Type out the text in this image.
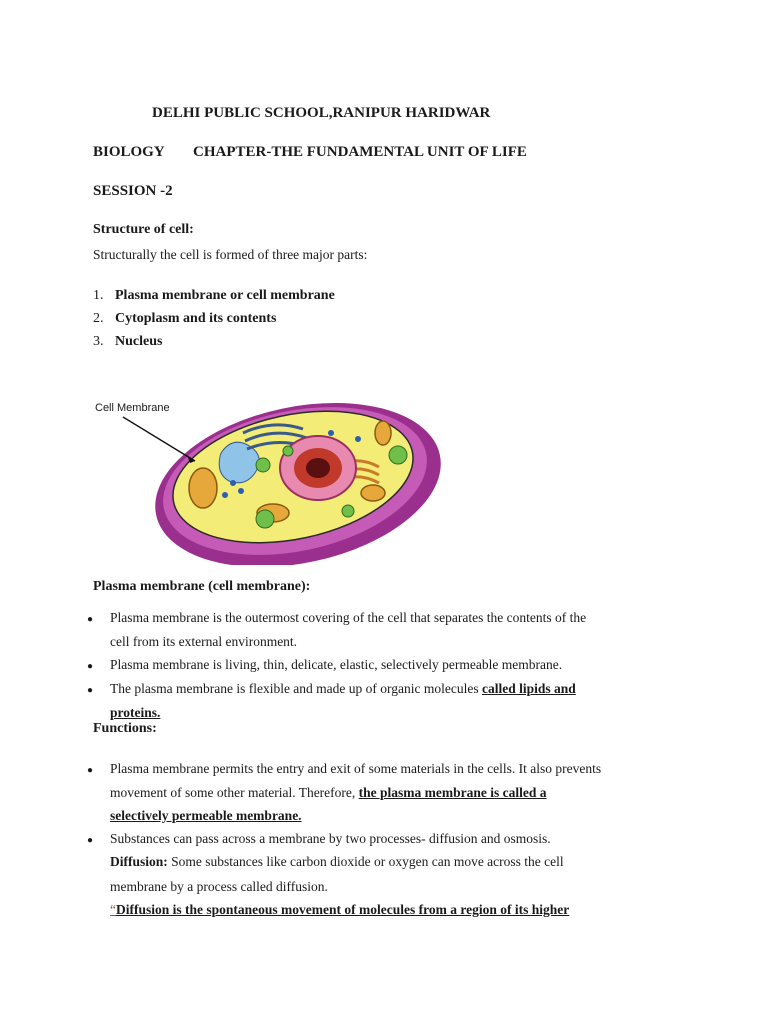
DELHI PUBLIC SCHOOL,RANIPUR HARIDWAR
BIOLOGY CHAPTER-THE FUNDAMENTAL UNIT OF LIFE
SESSION -2
Structure of cell:
Structurally the cell is formed of three major parts:
1. Plasma membrane or cell membrane
2. Cytoplasm and its contents
3. Nucleus
Cell Membrane
Plasma membrane (cell membrane):
● Plasma membrane is the outermost covering of the cell that separates the contents of the
cell from its external environment.
● Plasma membrane is living, thin, delicate, elastic, selectively permeable membrane.
● The plasma membrane is flexible and made up of organic molecules called lipids and
proteins.
Functions:
● Plasma membrane permits the entry and exit of some materials in the cells. It also prevents
movement of some other material. Therefore, the plasma membrane is called a
selectively permeable membrane.
● Substances can pass across a membrane by two processes- diffusion and osmosis.
Diffusion: Some substances like carbon dioxide or oxygen can move across the cell
membrane by a process called diffusion.
“Diffusion is the spontaneous movement of molecules from a region of its higher
